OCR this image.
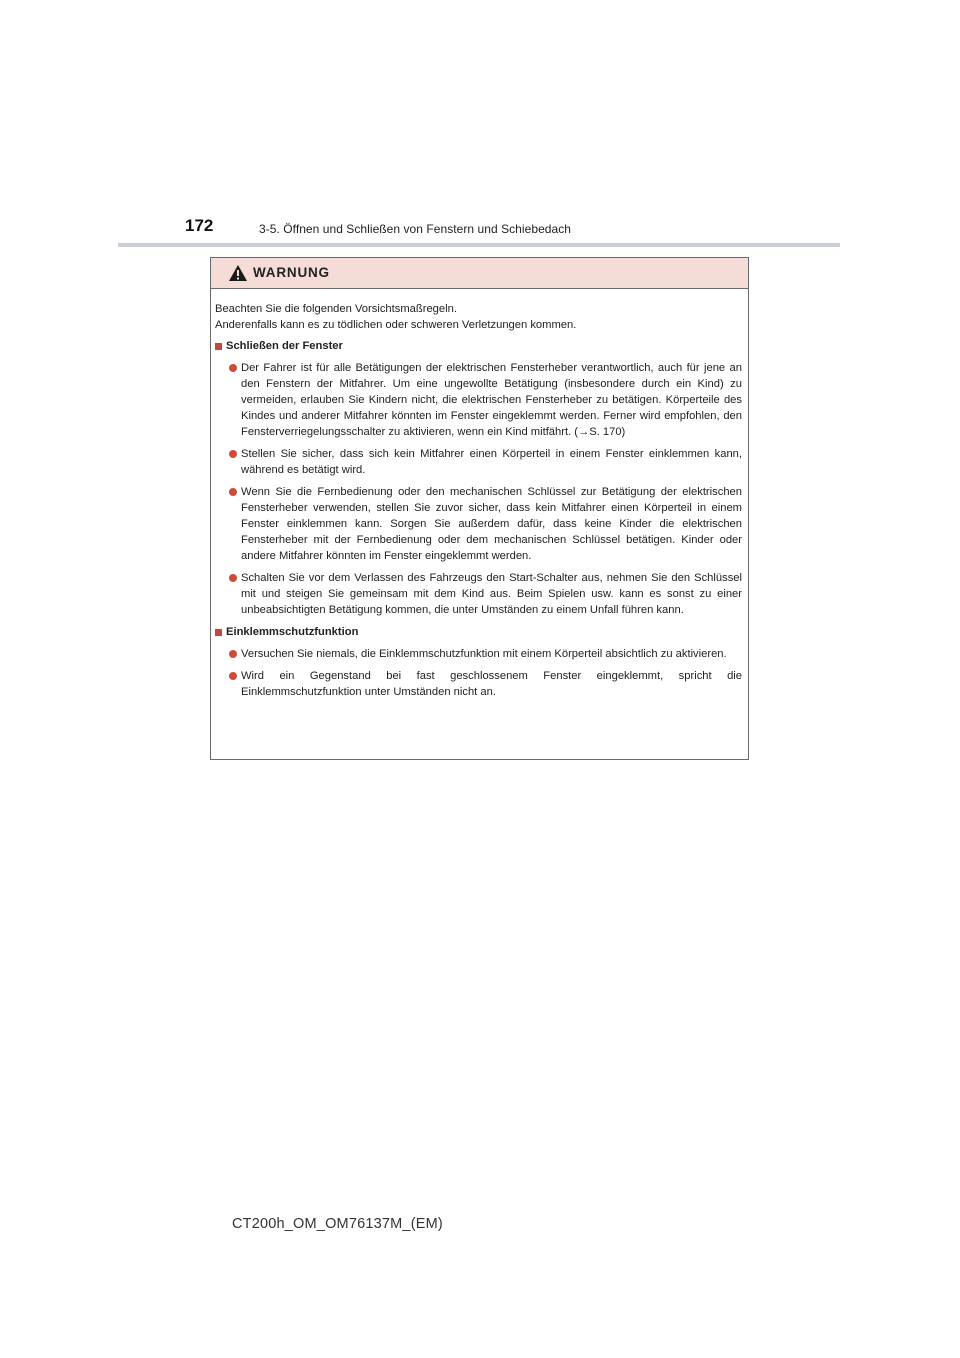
172	3-5. Öffnen und Schließen von Fenstern und Schiebedach
WARNUNG

Beachten Sie die folgenden Vorsichtsmaßregeln.

Anderenfalls kann es zu tödlichen oder schweren Verletzungen kommen.

Schließen der Fenster
Der Fahrer ist für alle Betätigungen der elektrischen Fensterheber verantwortlich, auch für jene an den Fenstern der Mitfahrer. Um eine ungewollte Betätigung (insbesondere durch ein Kind) zu vermeiden, erlauben Sie Kindern nicht, die elektrischen Fensterheber zu betätigen. Körperteile des Kindes und anderer Mitfahrer könnten im Fenster eingeklemmt werden. Ferner wird empfohlen, den Fensterverriegelungsschalter zu aktivieren, wenn ein Kind mitfährt. (→S. 170)
Stellen Sie sicher, dass sich kein Mitfahrer einen Körperteil in einem Fenster einklemmen kann, während es betätigt wird.
Wenn Sie die Fernbedienung oder den mechanischen Schlüssel zur Betätigung der elektrischen Fensterheber verwenden, stellen Sie zuvor sicher, dass kein Mitfahrer einen Körperteil in einem Fenster einklemmen kann. Sorgen Sie außerdem dafür, dass keine Kinder die elektrischen Fensterheber mit der Fernbedienung oder dem mechanischen Schlüssel betätigen. Kinder oder andere Mitfahrer könnten im Fenster eingeklemmt werden.
Schalten Sie vor dem Verlassen des Fahrzeugs den Start-Schalter aus, nehmen Sie den Schlüssel mit und steigen Sie gemeinsam mit dem Kind aus. Beim Spielen usw. kann es sonst zu einer unbeabsichtigten Betätigung kommen, die unter Umständen zu einem Unfall führen kann.
Einklemmschutzfunktion
Versuchen Sie niemals, die Einklemmschutzfunktion mit einem Körperteil absichtlich zu aktivieren.
Wird ein Gegenstand bei fast geschlossenem Fenster eingeklemmt, spricht die Einklemmschutzfunktion unter Umständen nicht an.
CT200h_OM_OM76137M_(EM)
